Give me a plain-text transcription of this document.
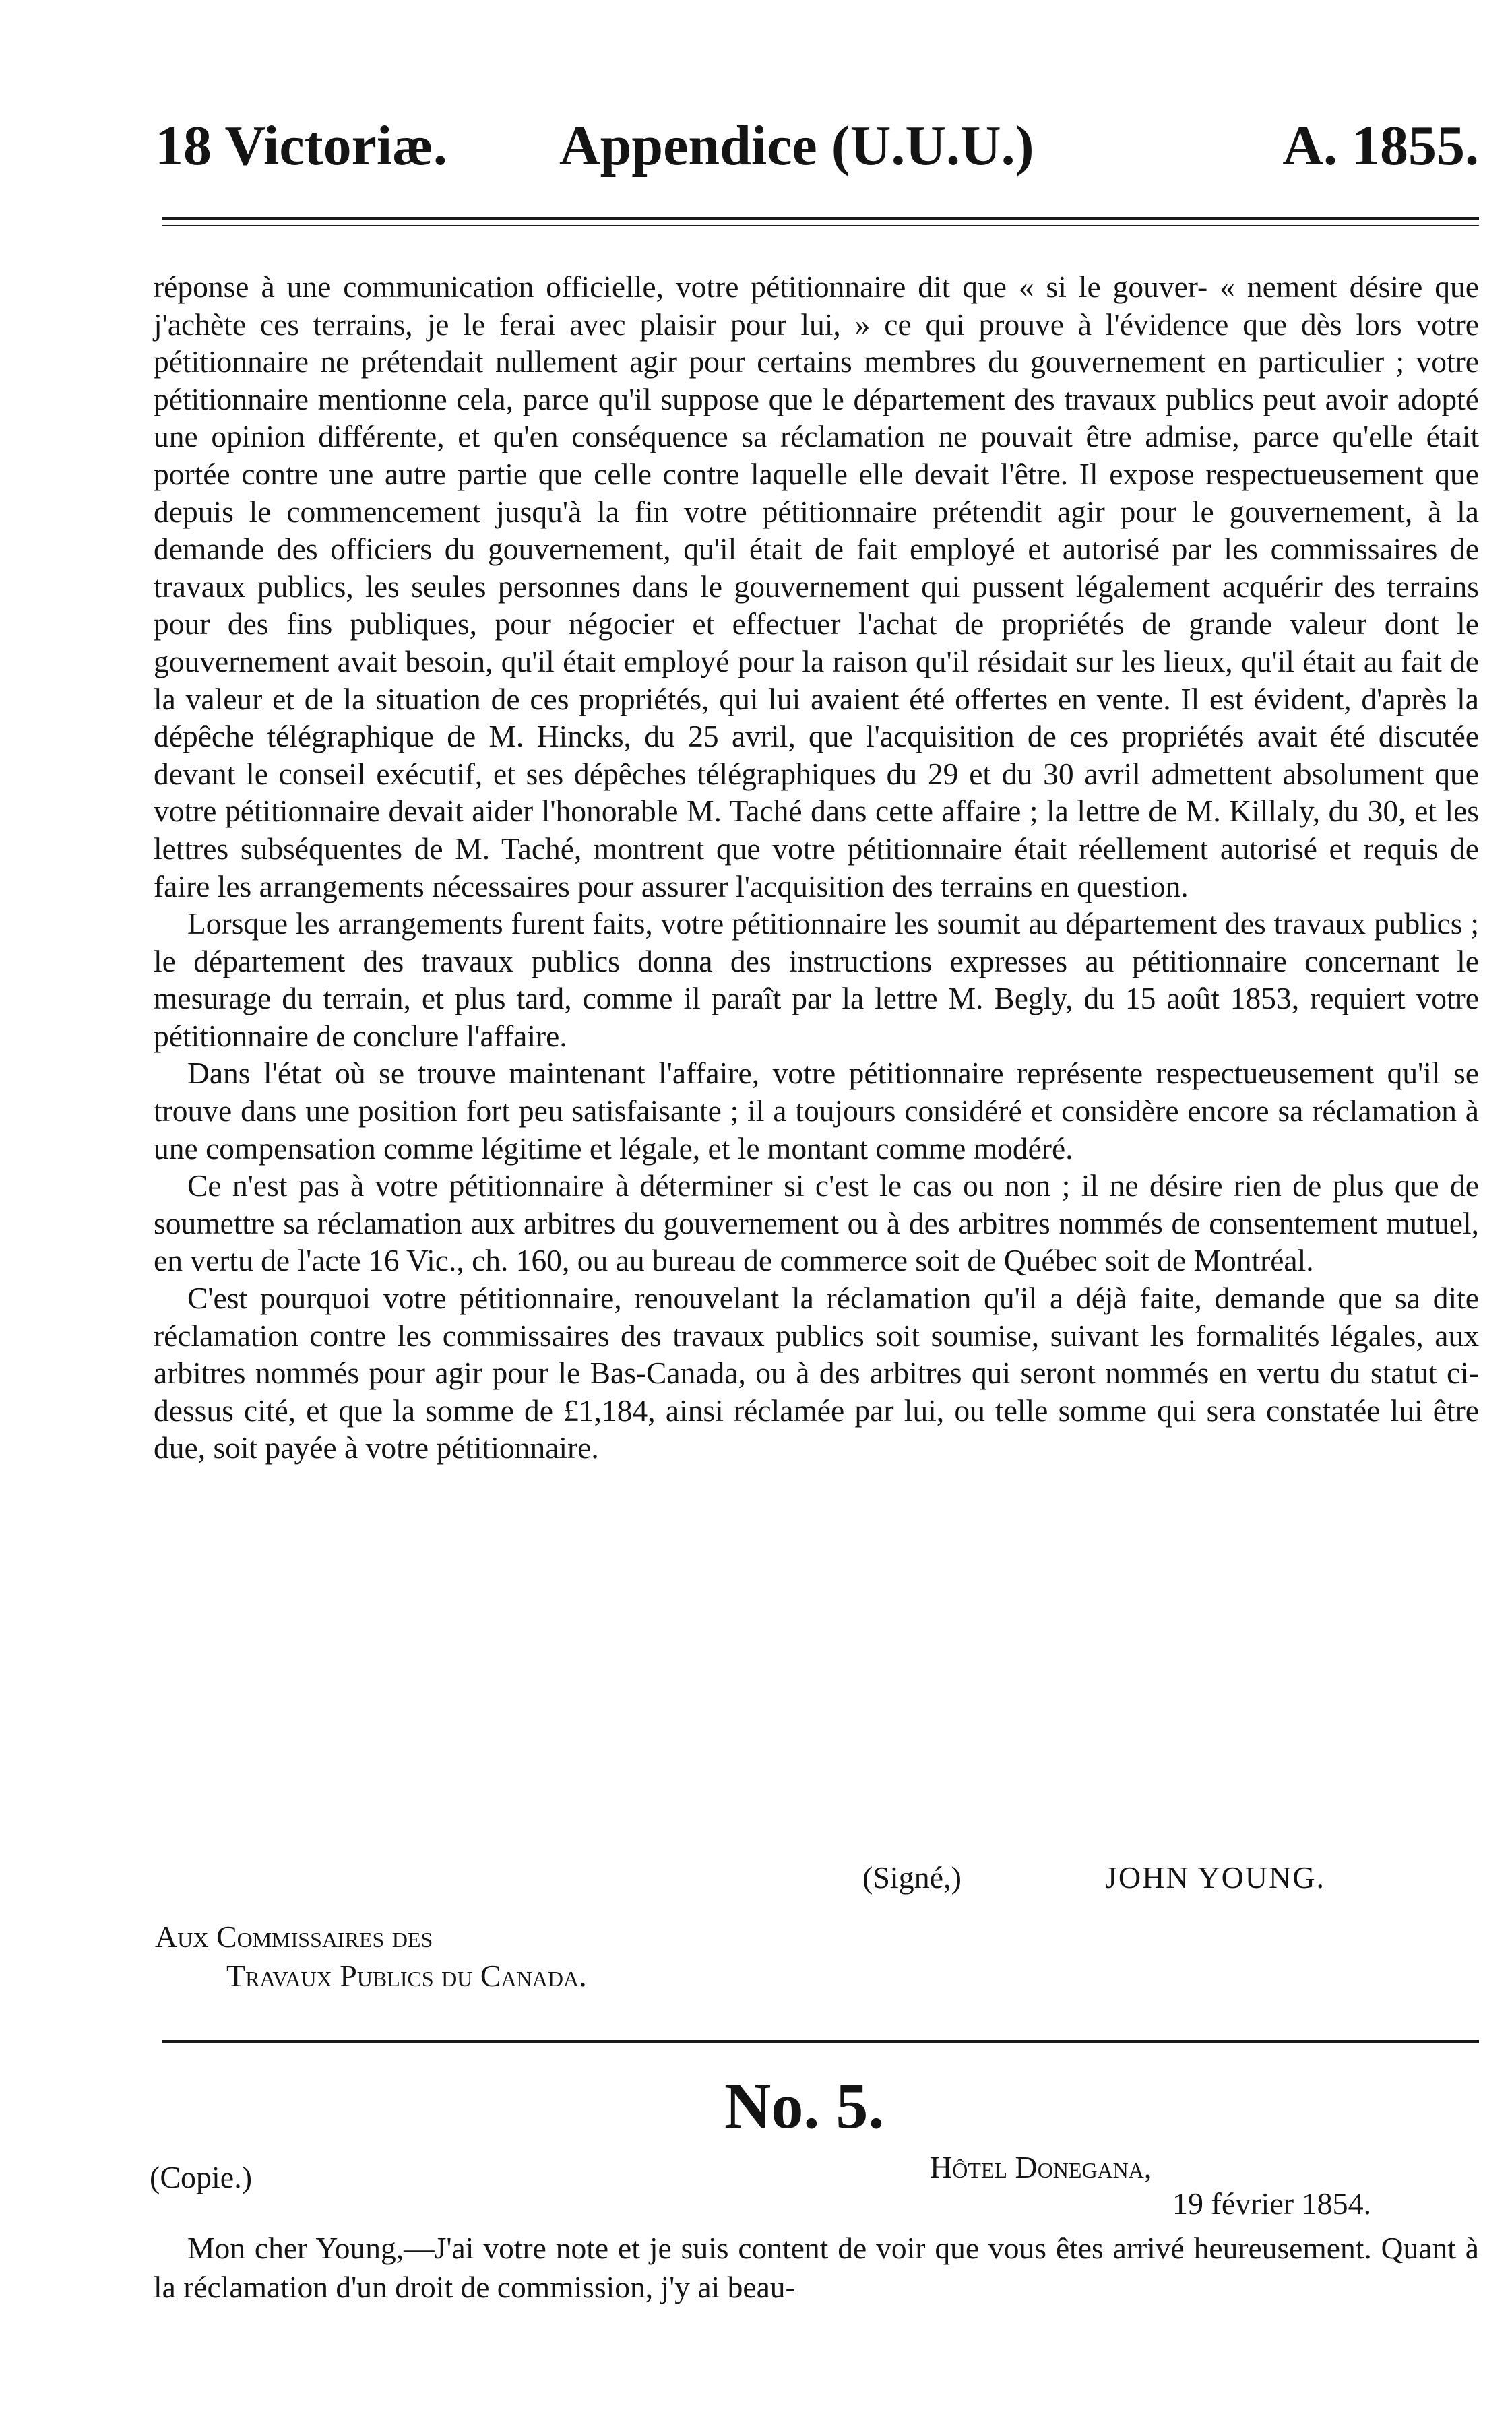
18 Victoriæ. Appendice (U.U.U.)	A. 1855.

réponse à une communication officielle, votre pétitionnaire dit que « si le gouver- « nement désire que j'achète ces terrains, je le ferai avec plaisir pour lui, » ce qui prouve à l'évidence que dès lors votre pétitionnaire ne prétendait nullement agir pour certains membres du gouvernement en particulier ; votre pétitionnaire mentionne cela, parce qu'il suppose que le département des travaux publics peut avoir adopté une opinion différente, et qu'en conséquence sa réclamation ne pouvait être admise, parce qu'elle était portée contre une autre partie que celle contre laquelle elle devait l'être. Il expose respectueusement que depuis le commencement jusqu'à la fin votre pétitionnaire prétendit agir pour le gouvernement, à la demande des officiers du gouvernement, qu'il était de fait employé et autorisé par les commissaires de travaux publics, les seules personnes dans le gouvernement qui pussent légalement acquérir des terrains pour des fins publiques, pour négocier et effectuer l'achat de propriétés de grande valeur dont le gouvernement avait besoin, qu'il était employé pour la raison qu'il résidait sur les lieux, qu'il était au fait de la valeur et de la situation de ces propriétés, qui lui avaient été offertes en vente. Il est évident, d'après la dépêche télégraphique de M. Hincks, du 25 avril, que l'acquisition de ces propriétés avait été discutée devant le conseil exécutif, et ses dépêches télégraphiques du 29 et du 30 avril admettent absolument que votre pétitionnaire devait aider l'honorable M. Taché dans cette affaire ; la lettre de M. Killaly, du 30, et les lettres subséquentes de M. Taché, montrent que votre pétitionnaire était réellement autorisé et requis de faire les arrangements nécessaires pour assurer l'acquisition des terrains en question.

Lorsque les arrangements furent faits, votre pétitionnaire les soumit au département des travaux publics ; le département des travaux publics donna des instructions expresses au pétitionnaire concernant le mesurage du terrain, et plus tard, comme il paraît par la lettre M. Begly, du 15 août 1853, requiert votre pétitionnaire de conclure l'affaire.

Dans l'état où se trouve maintenant l'affaire, votre pétitionnaire représente respectueusement qu'il se trouve dans une position fort peu satisfaisante ; il a toujours considéré et considère encore sa réclamation à une compensation comme légitime et légale, et le montant comme modéré.

Ce n'est pas à votre pétitionnaire à déterminer si c'est le cas ou non ; il ne désire rien de plus que de soumettre sa réclamation aux arbitres du gouvernement ou à des arbitres nommés de consentement mutuel, en vertu de l'acte 16 Vic., ch. 160, ou au bureau de commerce soit de Québec soit de Montréal.

C'est pourquoi votre pétitionnaire, renouvelant la réclamation qu'il a déjà faite, demande que sa dite réclamation contre les commissaires des travaux publics soit soumise, suivant les formalités légales, aux arbitres nommés pour agir pour le Bas-Canada, ou à des arbitres qui seront nommés en vertu du statut ci-dessus cité, et que la somme de £1,184, ainsi réclamée par lui, ou telle somme qui sera constatée lui être due, soit payée à votre pétitionnaire.

(Signé,)	JOHN YOUNG.
Aux Commissaires des
Travaux Publics du Canada.
No. 5.
(Copie.)	Hôtel Donegana,
19 février 1854.

Mon cher Young,—J'ai votre note et je suis content de voir que vous êtes arrivé heureusement. Quant à la réclamation d'un droit de commission, j'y ai beau-
